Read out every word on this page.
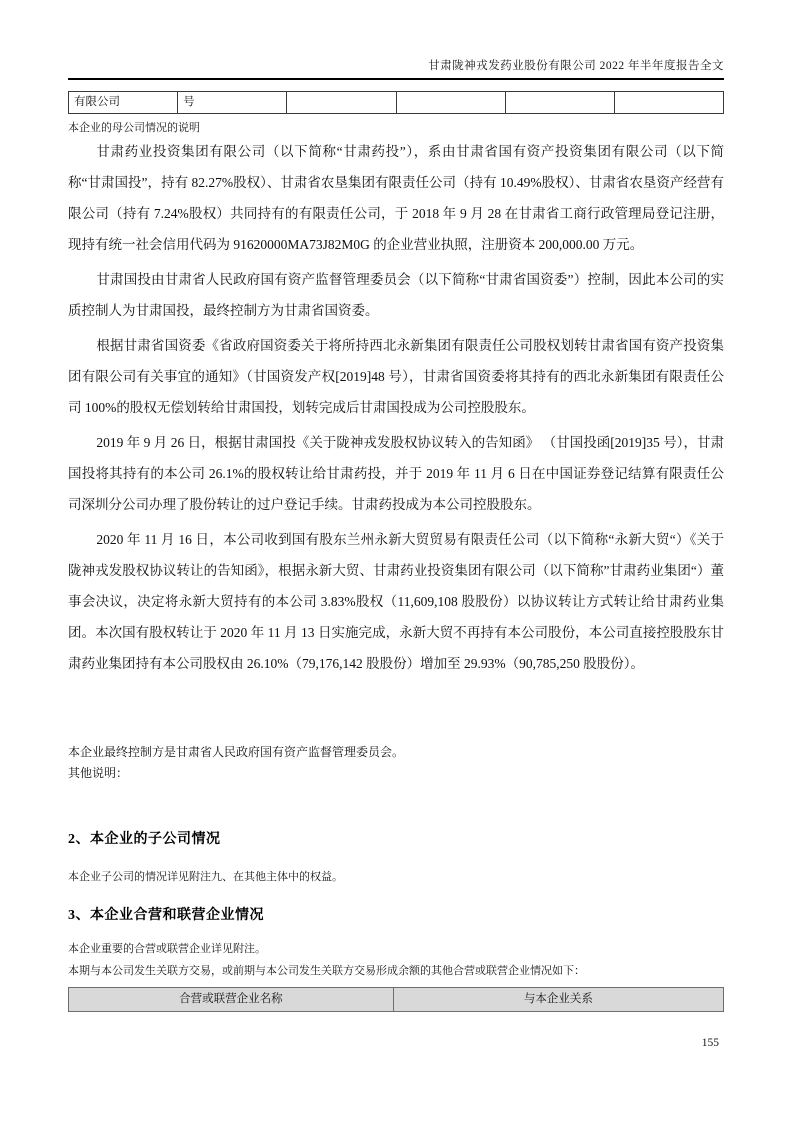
甘肃陇神戎发药业股份有限公司 2022 年半年度报告全文
有限公司	号
本企业的母公司情况的说明
甘肃药业投资集团有限公司（以下简称“甘肃药投”），系由甘肃省国有资产投资集团有限公司（以下简称“甘肃国投”，持有 82.27%股权）、甘肃省农垦集团有限责任公司（持有 10.49%股权）、甘肃省农垦资产经营有限公司（持有 7.24%股权）共同持有的有限责任公司，于 2018 年 9 月 28 在甘肃省工商行政管理局登记注册，现持有统一社会信用代码为 91620000MA73J82M0G 的企业营业执照，注册资本 200,000.00 万元。
甘肃国投由甘肃省人民政府国有资产监督管理委员会（以下简称“甘肃省国资委”）控制，因此本公司的实质控制人为甘肃国投，最终控制方为甘肃省国资委。
根据甘肃省国资委《省政府国资委关于将所持西北永新集团有限责任公司股权划转甘肃省国有资产投资集团有限公司有关事宜的通知》（甘国资发产权[2019]48 号），甘肃省国资委将其持有的西北永新集团有限责任公司 100%的股权无偿划转给甘肃国投，划转完成后甘肃国投成为公司控股股东。
2019 年 9 月 26 日，根据甘肃国投《关于陇神戎发股权协议转入的告知函》 （甘国投函[2019]35 号），甘肃国投将其持有的本公司 26.1%的股权转让给甘肃药投，并于 2019 年 11 月 6 日在中国证券登记结算有限责任公司深圳分公司办理了股份转让的过户登记手续。甘肃药投成为本公司控股股东。
2020 年 11 月 16 日，本公司收到国有股东兰州永新大贸贸易有限责任公司（以下简称“永新大贸“）《关于陇神戎发股权协议转让的告知函》，根据永新大贸、甘肃药业投资集团有限公司（以下简称”甘肃药业集团“）董事会决议，决定将永新大贸持有的本公司 3.83%股权（11,609,108 股股份）以协议转让方式转让给甘肃药业集团。本次国有股权转让于 2020 年 11 月 13 日实施完成，永新大贸不再持有本公司股份，本公司直接控股股东甘肃药业集团持有本公司股权由 26.10%（79,176,142 股股份）增加至 29.93%（90,785,250 股股份）。
本企业最终控制方是甘肃省人民政府国有资产监督管理委员会。
其他说明：
2、本企业的子公司情况
本企业子公司的情况详见附注九、在其他主体中的权益。
3、本企业合营和联营企业情况
本企业重要的合营或联营企业详见附注。
本期与本公司发生关联方交易，或前期与本公司发生关联方交易形成余额的其他合营或联营企业情况如下：
合营或联营企业名称	与本企业关系
155
